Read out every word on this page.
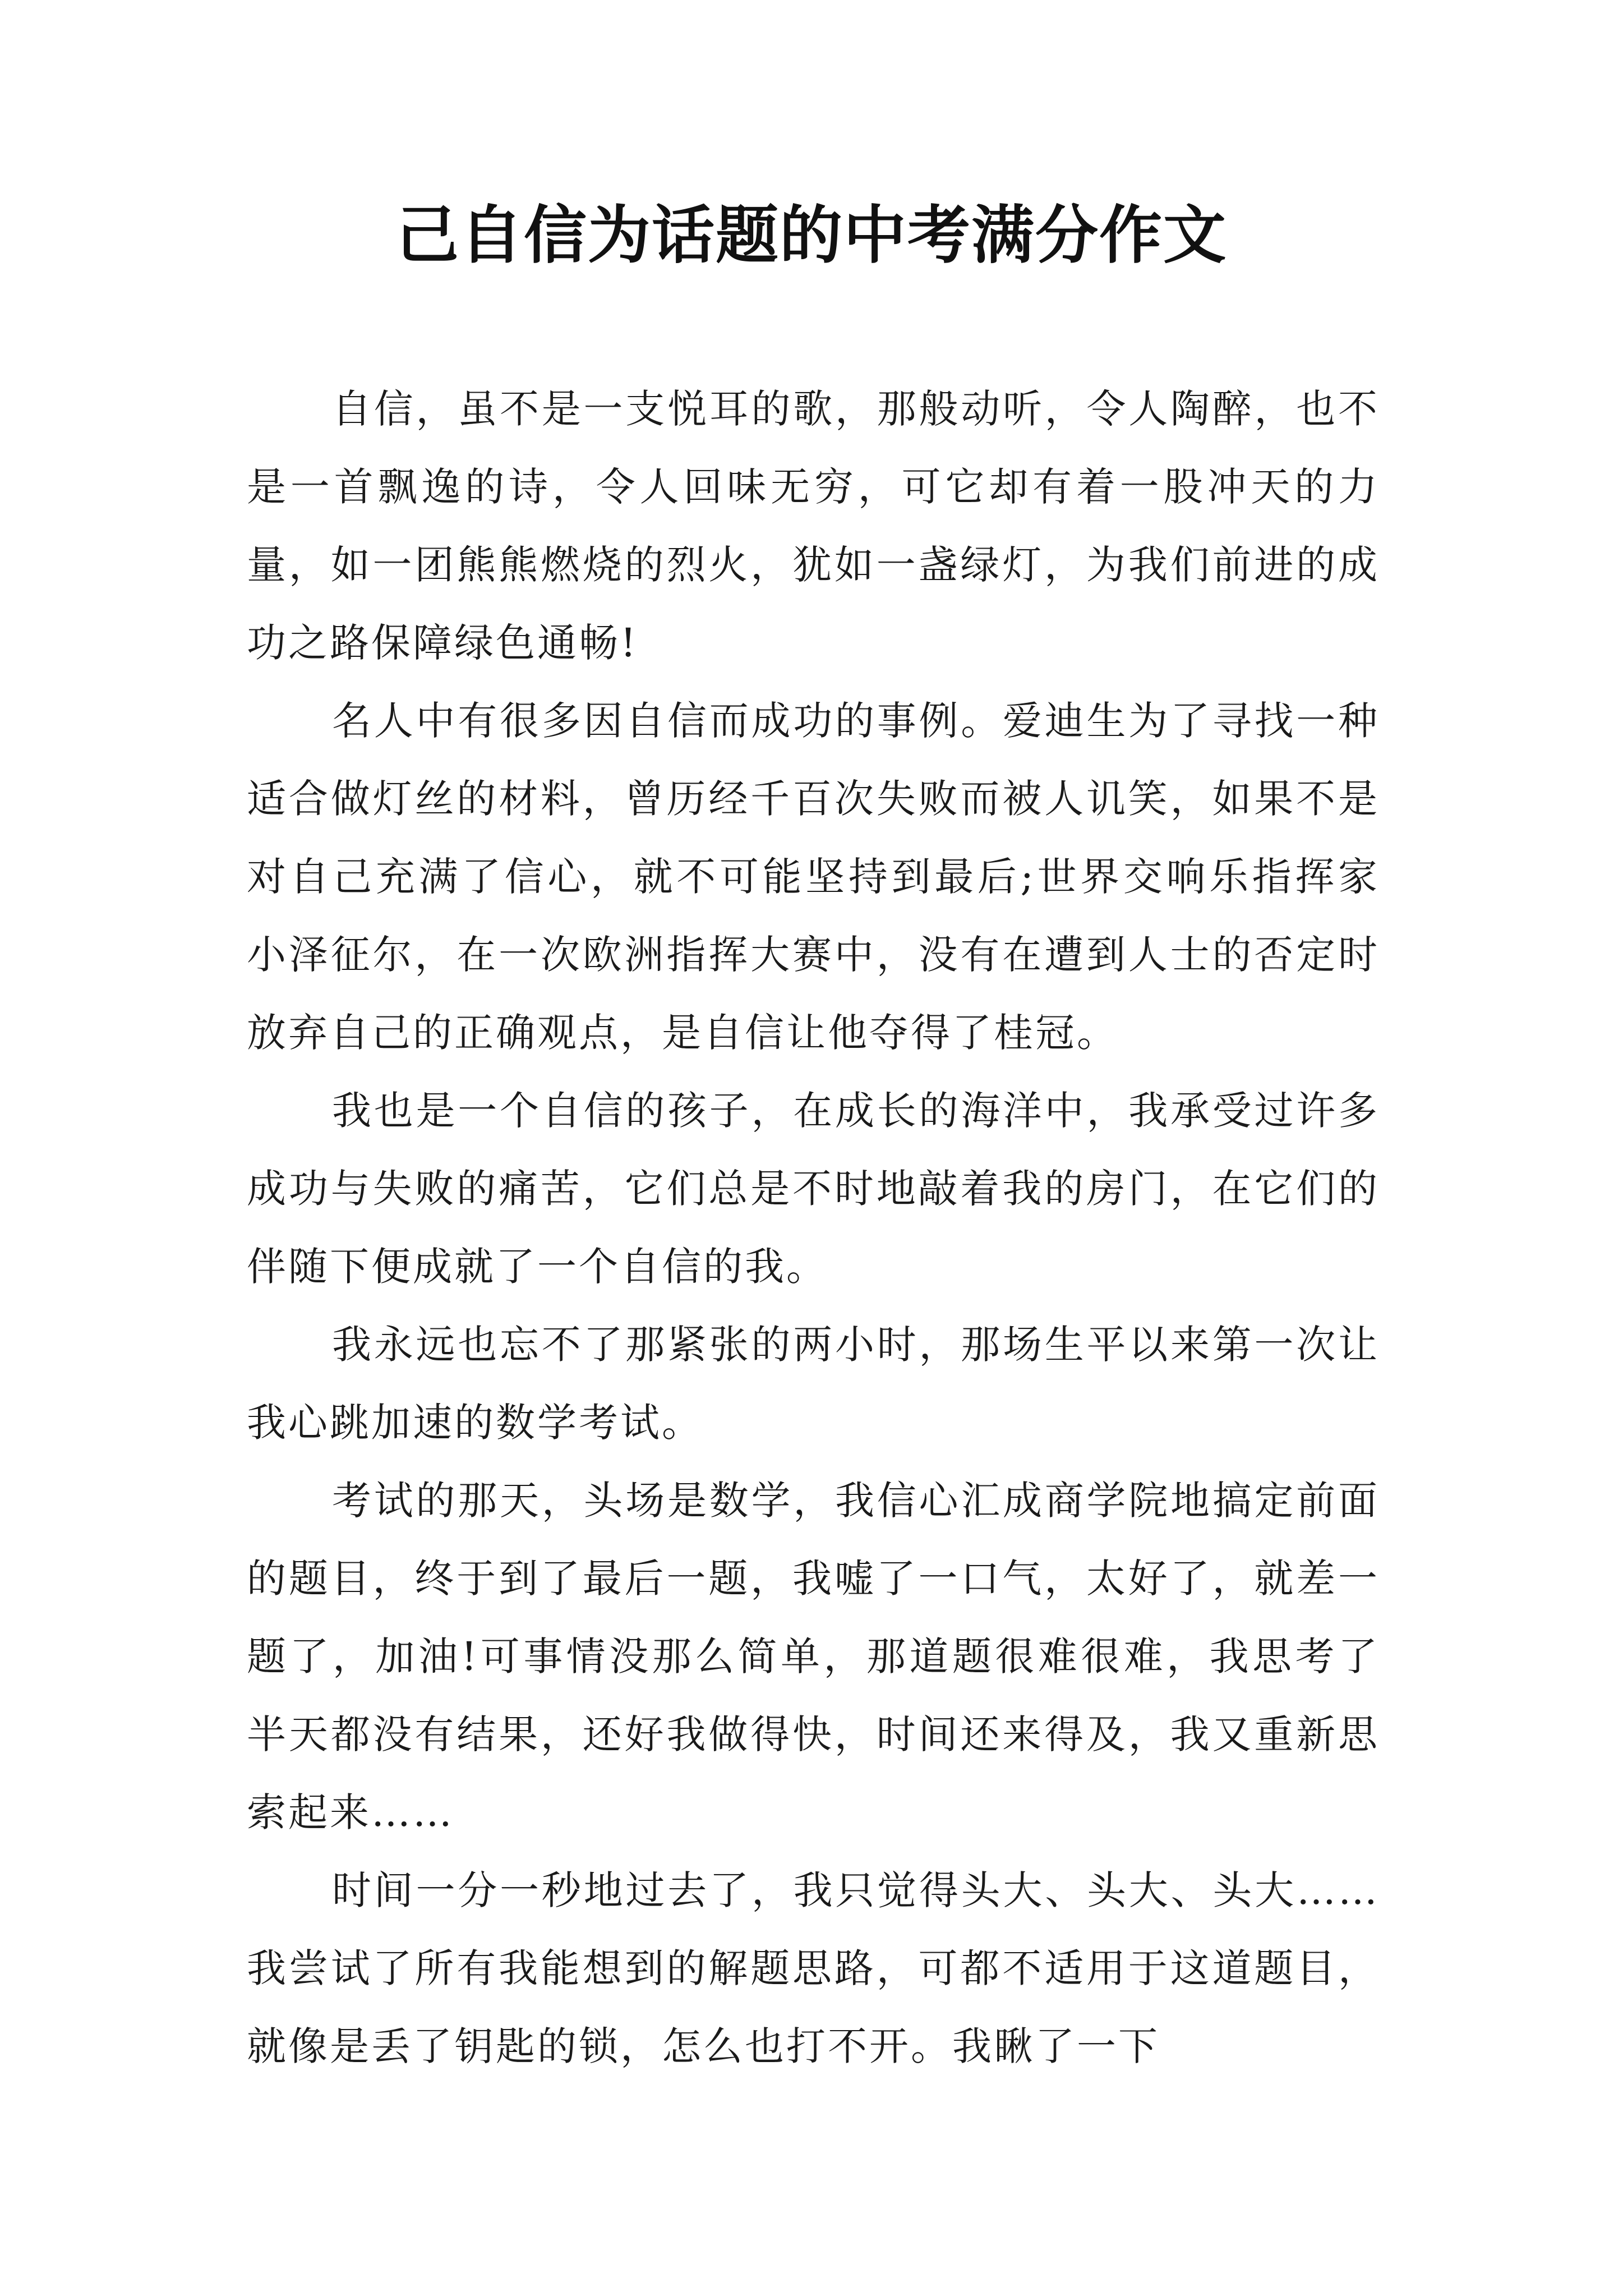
己自信为话题的中考满分作文

自信，虽不是一支悦耳的歌，那般动听，令人陶醉，也不是一首飘逸的诗，令人回味无穷，可它却有着一股冲天的力量，如一团熊熊燃烧的烈火，犹如一盏绿灯，为我们前进的成功之路保障绿色通畅!

名人中有很多因自信而成功的事例。爱迪生为了寻找一种适合做灯丝的材料，曾历经千百次失败而被人讥笑，如果不是对自己充满了信心，就不可能坚持到最后;世界交响乐指挥家小泽征尔，在一次欧洲指挥大赛中，没有在遭到人士的否定时放弃自己的正确观点，是自信让他夺得了桂冠。

我也是一个自信的孩子，在成长的海洋中，我承受过许多成功与失败的痛苦，它们总是不时地敲着我的房门，在它们的伴随下便成就了一个自信的我。

我永远也忘不了那紧张的两小时，那场生平以来第一次让我心跳加速的数学考试。

考试的那天，头场是数学，我信心汇成商学院地搞定前面的题目，终于到了最后一题，我嘘了一口气，太好了，就差一题了，加油!可事情没那么简单，那道题很难很难，我思考了半天都没有结果，还好我做得快，时间还来得及，我又重新思索起来……

时间一分一秒地过去了，我只觉得头大、头大、头大……我尝试了所有我能想到的解题思路，可都不适用于这道题目，就像是丢了钥匙的锁，怎么也打不开。我瞅了一下
